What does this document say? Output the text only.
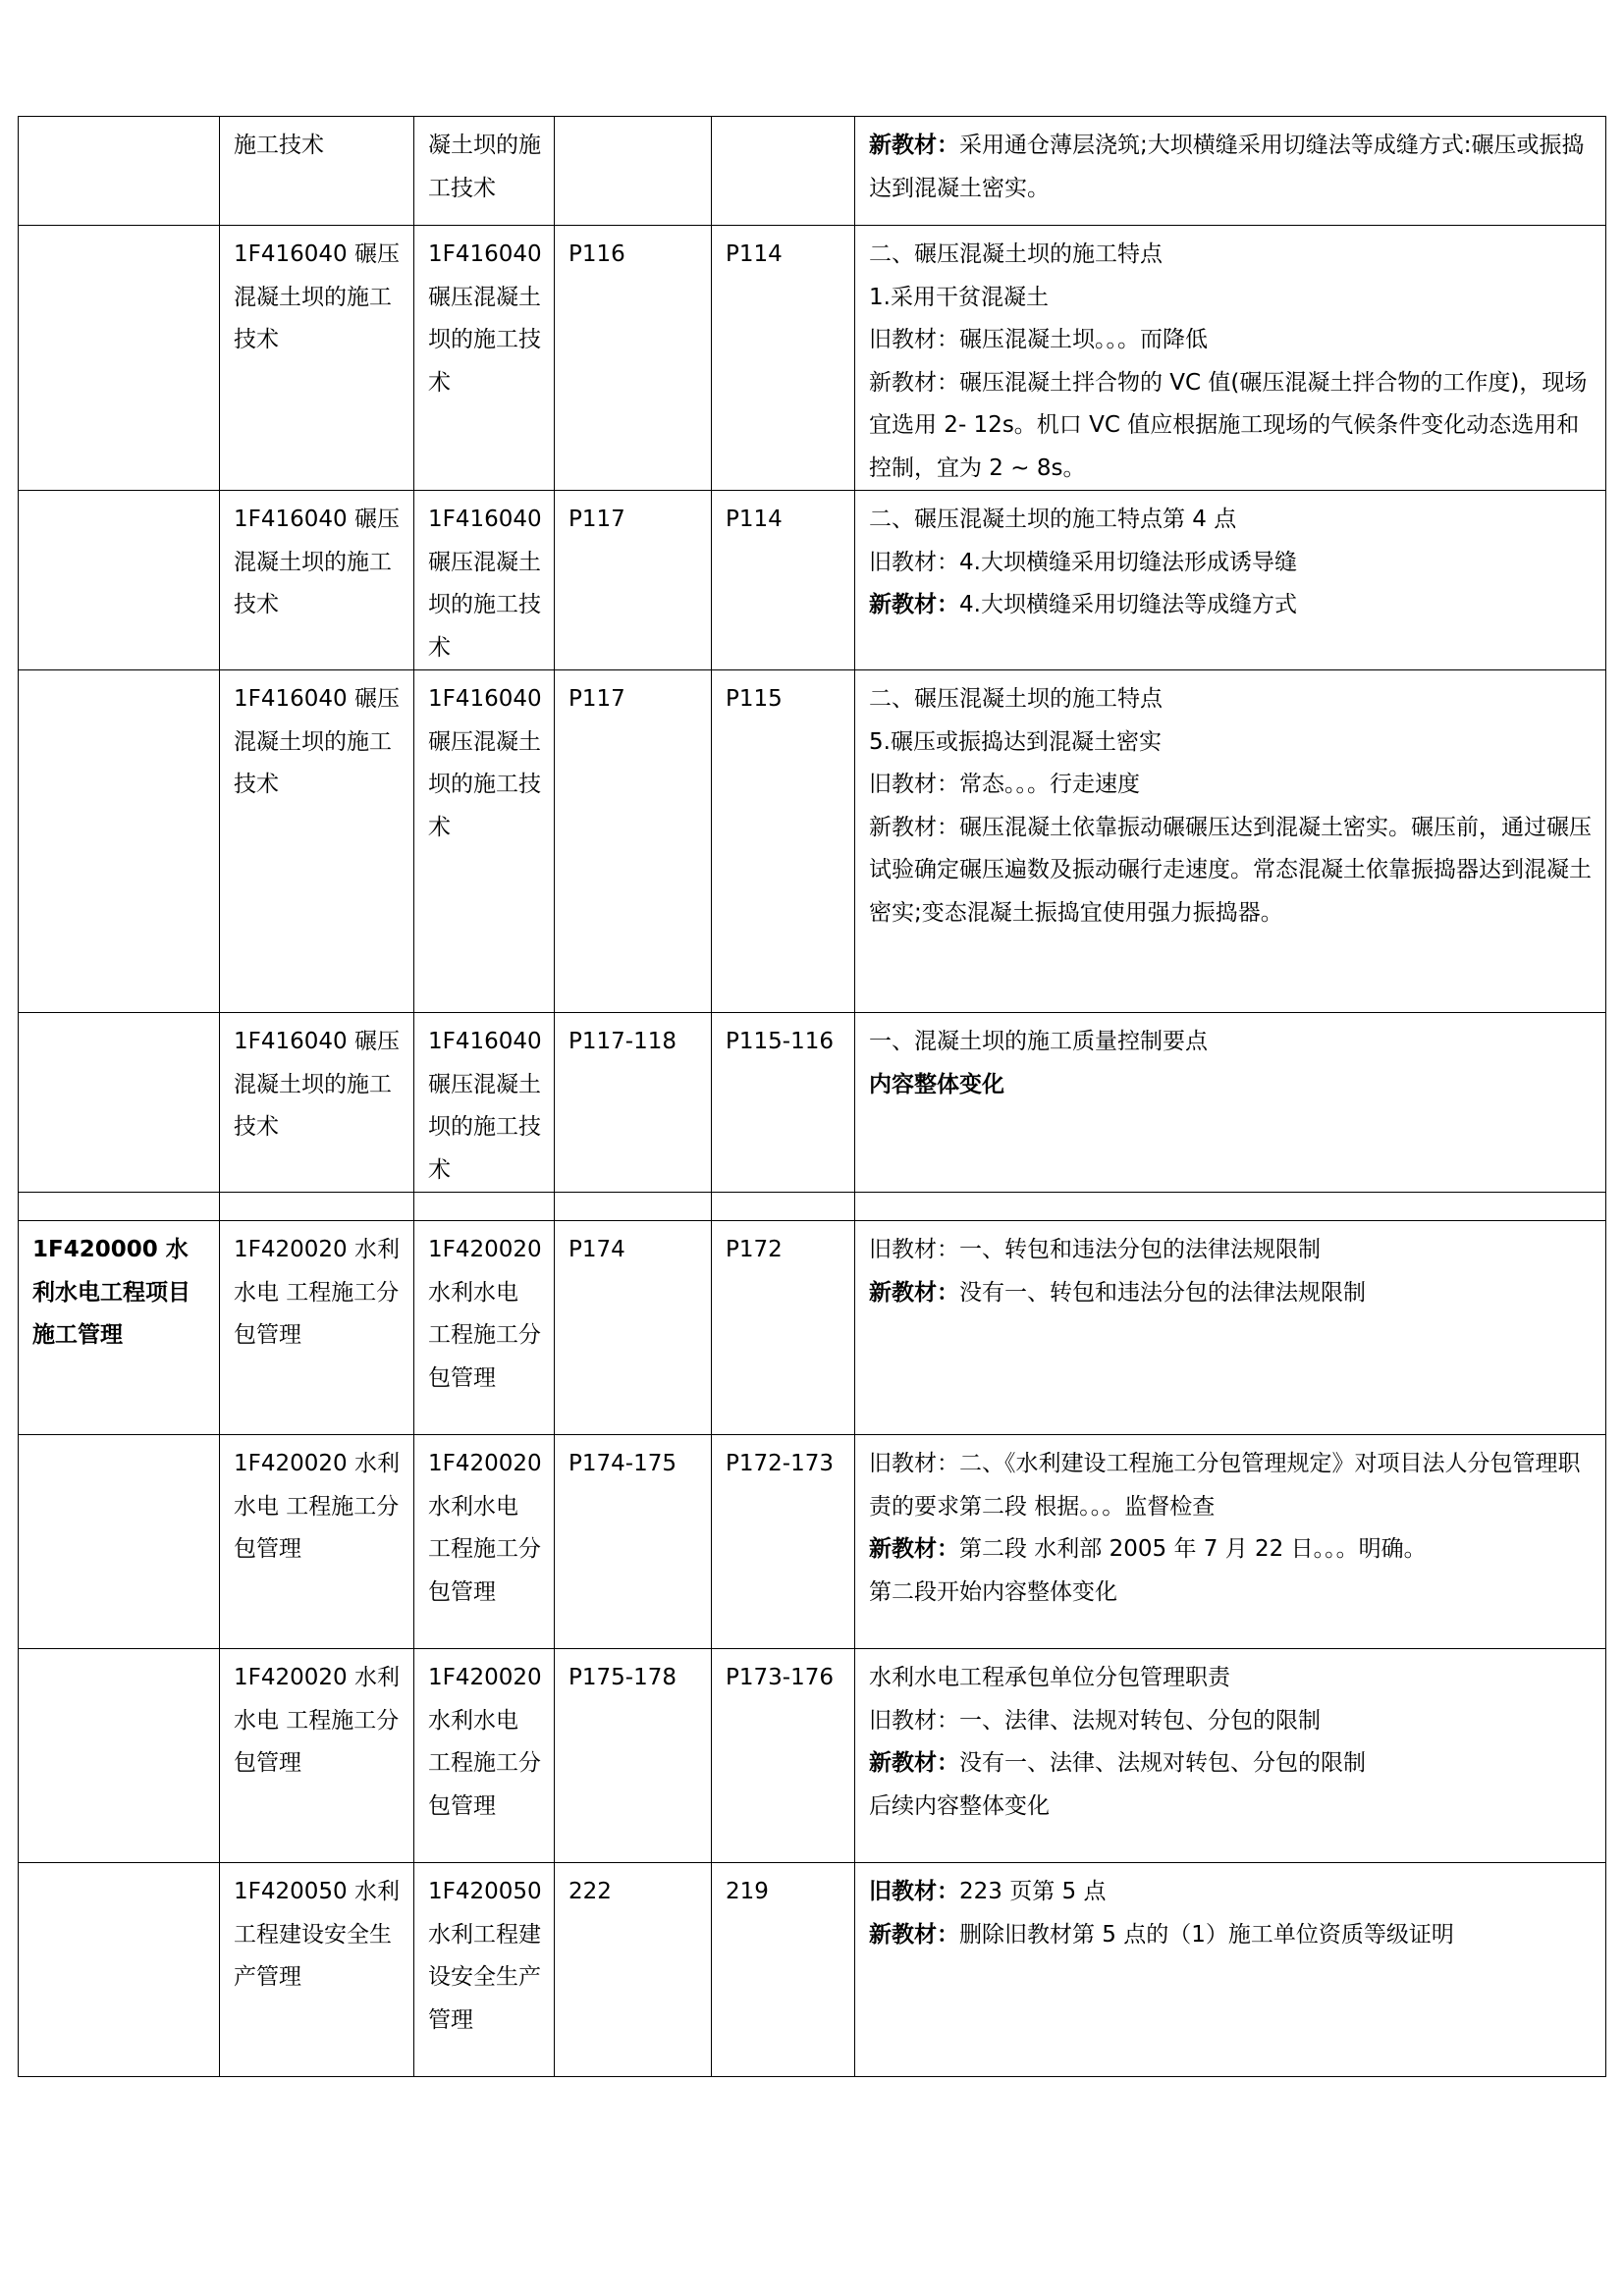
	施工技术	凝土坝的施工技术			新教材：采用通仓薄层浇筑;大坝横缝采用切缝法等成缝方式:碾压或振捣达到混凝土密实。

	1F416040 碾压混凝土坝的施工技术	1F416040 碾压混凝土坝的施工技术	P116	P114	二、碾压混凝土坝的施工特点
1.采用干贫混凝土
旧教材：碾压混凝土坝。。。而降低
新教材：碾压混凝土拌合物的 VC 值(碾压混凝土拌合物的工作度)，现场宜选用 2- 12s。机口 VC 值应根据施工现场的气候条件变化动态选用和控制，宜为 2 ~ 8s。

	1F416040 碾压混凝土坝的施工技术	1F416040 碾压混凝土坝的施工技术	P117	P114	二、碾压混凝土坝的施工特点第 4 点
旧教材：4.大坝横缝采用切缝法形成诱导缝
新教材：4.大坝横缝采用切缝法等成缝方式

	1F416040 碾压混凝土坝的施工技术	1F416040 碾压混凝土坝的施工技术	P117	P115	二、碾压混凝土坝的施工特点
5.碾压或振捣达到混凝土密实
旧教材：常态。。。行走速度
新教材：碾压混凝土依靠振动碾碾压达到混凝土密实。碾压前，通过碾压试验确定碾压遍数及振动碾行走速度。常态混凝土依靠振捣器达到混凝土密实;变态混凝土振捣宜使用强力振捣器。

	1F416040 碾压混凝土坝的施工技术	1F416040 碾压混凝土坝的施工技术	P117-118	P115-116	一、混凝土坝的施工质量控制要点
内容整体变化

1F420000 水利水电工程项目施工管理	1F420020 水利水电 工程施工分包管理	1F420020 水利水电 工程施工分包管理	P174	P172	旧教材：一、转包和违法分包的法律法规限制
新教材：没有一、转包和违法分包的法律法规限制

	1F420020 水利水电 工程施工分包管理	1F420020 水利水电 工程施工分包管理	P174-175	P172-173	旧教材：二、《水利建设工程施工分包管理规定》对项目法人分包管理职责的要求第二段 根据。。。监督检查
新教材：第二段 水利部 2005 年 7 月 22 日。。。明确。
第二段开始内容整体变化

	1F420020 水利水电 工程施工分包管理	1F420020 水利水电 工程施工分包管理	P175-178	P173-176	水利水电工程承包单位分包管理职责
旧教材：一、法律、法规对转包、分包的限制
新教材：没有一、法律、法规对转包、分包的限制
后续内容整体变化

	1F420050 水利工程建设安全生产管理	1F420050 水利工程建设安全生产管理	222	219	旧教材：223 页第 5 点
新教材：删除旧教材第 5 点的（1）施工单位资质等级证明
